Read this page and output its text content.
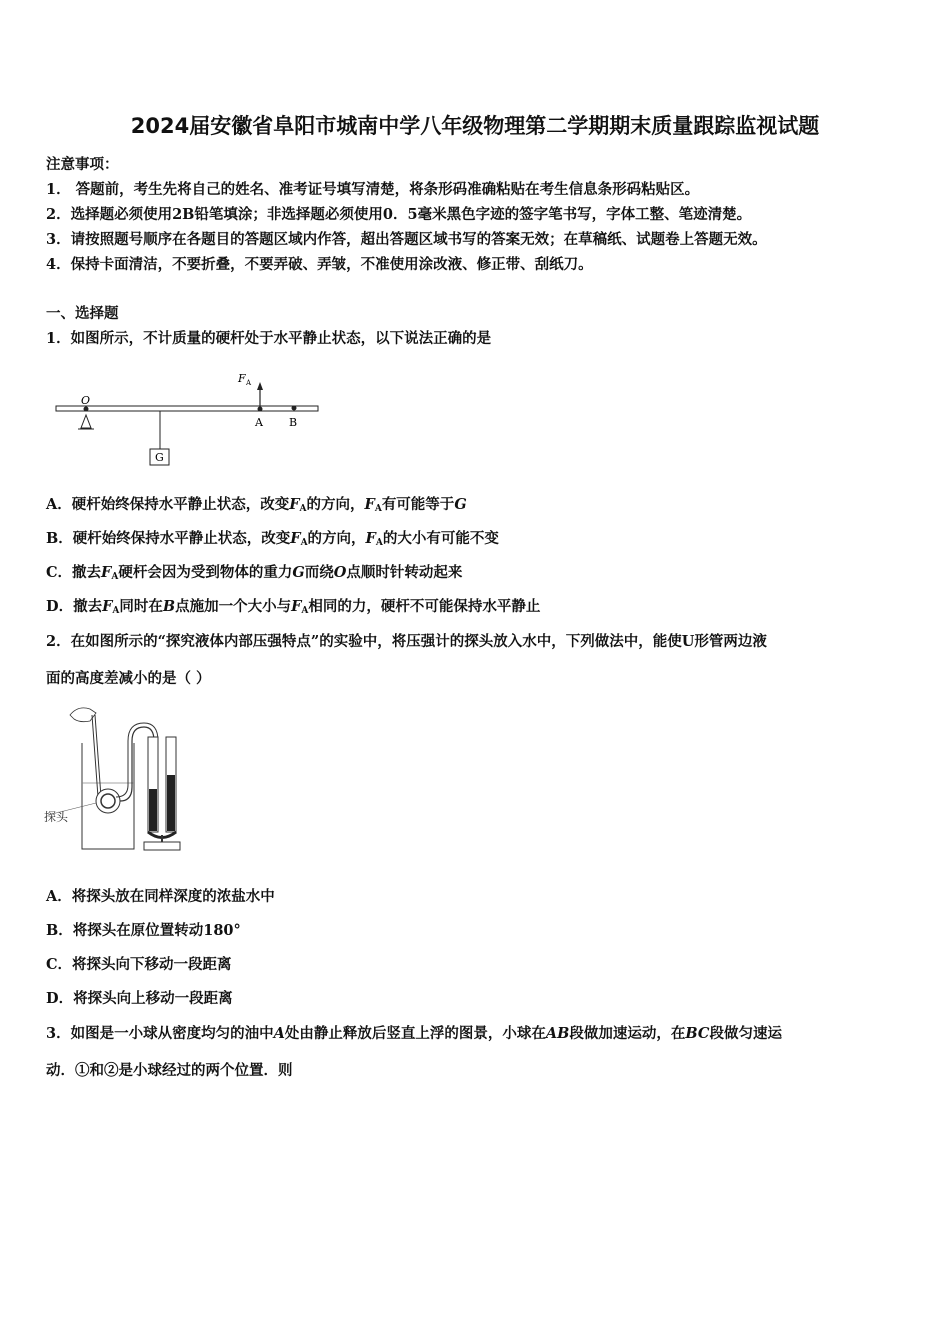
2024届安徽省阜阳市城南中学八年级物理第二学期期末质量跟踪监视试题
注意事项：
1． 答题前，考生先将自己的姓名、准考证号填写清楚，将条形码准确粘贴在考生信息条形码粘贴区。
2．选择题必须使用2B铅笔填涂；非选择题必须使用0．5毫米黑色字迹的签字笔书写，字体工整、笔迹清楚。
3．请按照题号顺序在各题目的答题区域内作答，超出答题区域书写的答案无效；在草稿纸、试题卷上答题无效。
4．保持卡面清洁，不要折叠，不要弄破、弄皱，不准使用涂改液、修正带、刮纸刀。
一、选择题
1．如图所示，不计质量的硬杆处于水平静止状态，以下说法正确的是
F A
O
A B
G
A．硬杆始终保持水平静止状态，改变$F_A$的方向，$F_A$有可能等于G
B．硬杆始终保持水平静止状态，改变$F_A$的方向，$F_A$的大小有可能不变
C．撤去$F_A$硬杆会因为受到物体的重力G而绕O点顺时针转动起来
D．撤去$F_A$同时在B点施加一个大小与$F_A$相同的力，硬杆不可能保持水平静止
2．在如图所示的“探究液体内部压强特点”的实验中，将压强计的探头放入水中，下列做法中，能使U形管两边液
面的高度差减小的是（ ）
探头
A．将探头放在同样深度的浓盐水中
B．将探头在原位置转动180°
C．将探头向下移动一段距离
D．将探头向上移动一段距离
3．如图是一小球从密度均匀的油中A处由静止释放后竖直上浮的图景，小球在AB段做加速运动，在BC段做匀速运
动．①和②是小球经过的两个位置．则
